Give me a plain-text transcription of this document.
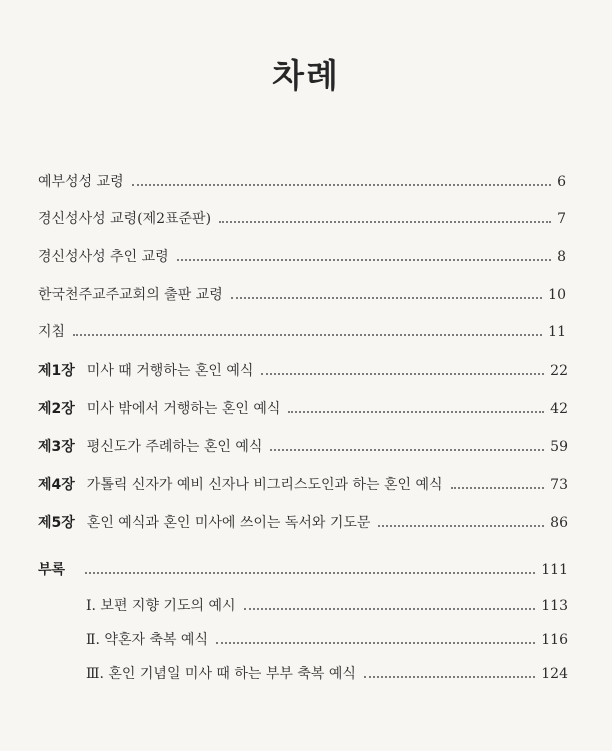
차례
예부성성 교령	6
경신성사성 교령(제2표준판)	7
경신성사성 추인 교령	8
한국천주교주교회의 출판 교령	10
지침	11
제1장 미사 때 거행하는 혼인 예식	22
제2장 미사 밖에서 거행하는 혼인 예식	42
제3장 평신도가 주례하는 혼인 예식	59
제4장 가톨릭 신자가 예비 신자나 비그리스도인과 하는 혼인 예식	73
제5장 혼인 예식과 혼인 미사에 쓰이는 독서와 기도문	86
부록	111
Ⅰ. 보편 지향 기도의 예시	113
Ⅱ. 약혼자 축복 예식	116
Ⅲ. 혼인 기념일 미사 때 하는 부부 축복 예식	124
